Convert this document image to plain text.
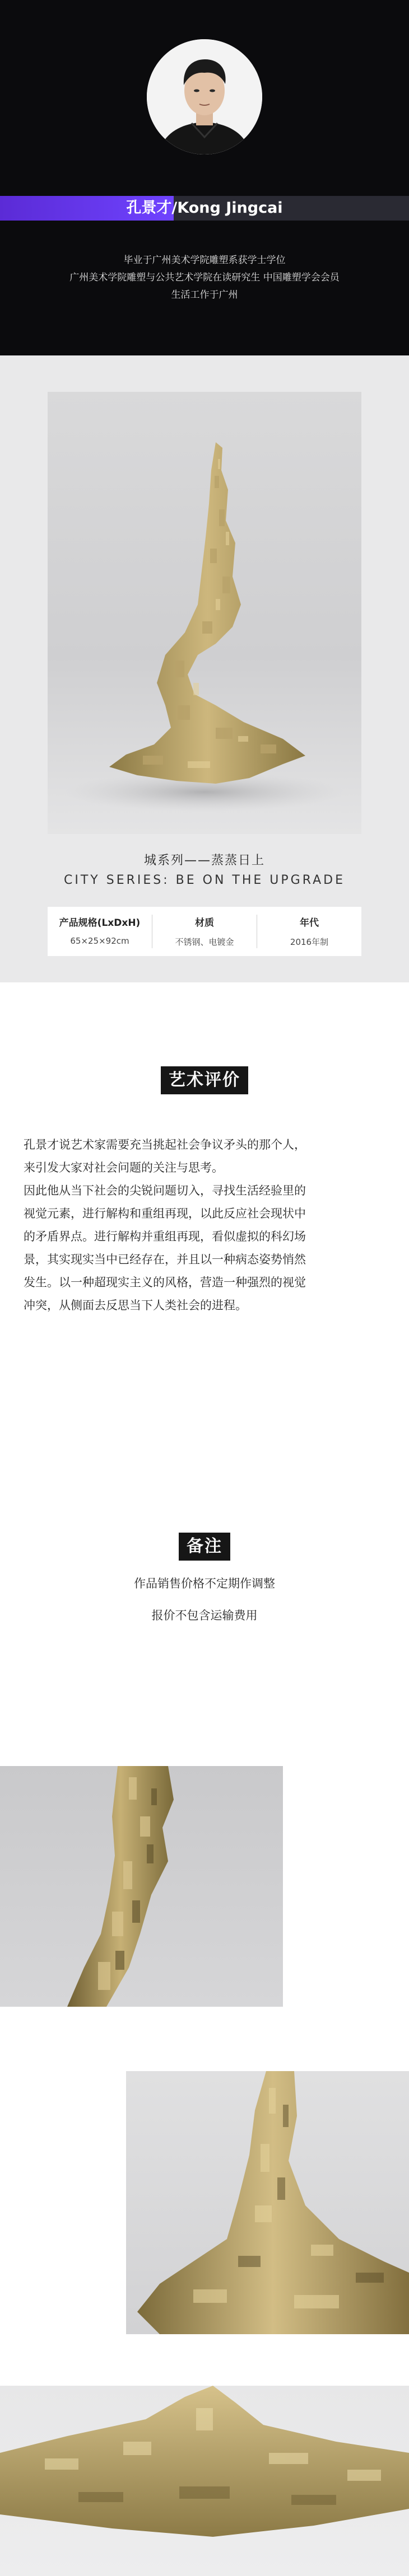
孔景才/Kong Jingcai
毕业于广州美术学院雕塑系获学士学位
广州美术学院雕塑与公共艺术学院在读研究生 中国雕塑学会会员
生活工作于广州
城系列——蒸蒸日上
CITY SERIES: BE ON THE UPGRADE
产品规格(LxDxH)
65×25×92cm
材质
不锈钢、电镀金
年代
2016年制
艺术评价
孔景才说艺术家需要充当挑起社会争议矛头的那个人，
来引发大家对社会问题的关注与思考。
因此他从当下社会的尖锐问题切入，寻找生活经验里的
视觉元素，进行解构和重组再现，以此反应社会现状中
的矛盾界点。进行解构并重组再现，看似虚拟的科幻场
景，其实现实当中已经存在，并且以一种病态姿势悄然
发生。以一种超现实主义的风格，营造一种强烈的视觉
冲突，从侧面去反思当下人类社会的进程。
备注
作品销售价格不定期作调整
报价不包含运输费用
